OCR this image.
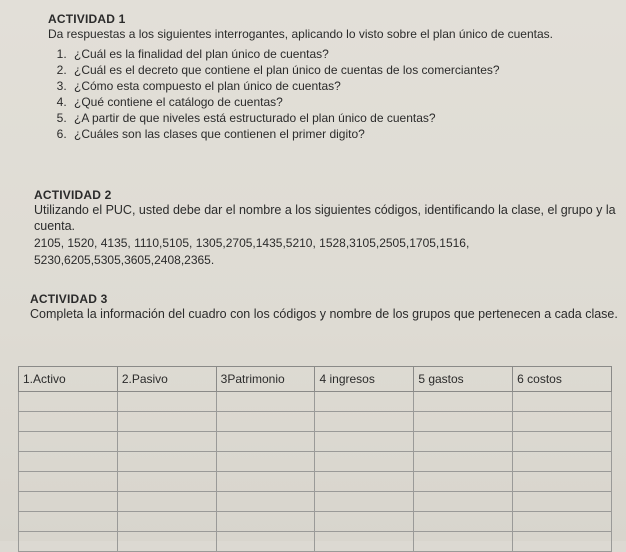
ACTIVIDAD 1
Da respuestas a los siguientes interrogantes, aplicando lo visto sobre el plan único de cuentas.
1. ¿Cuál es la finalidad del plan único de cuentas?
2. ¿Cuál es el decreto que contiene el plan único de cuentas de los comerciantes?
3. ¿Cómo esta compuesto el plan único de cuentas?
4. ¿Qué contiene el catálogo de cuentas?
5. ¿A partir de que niveles está estructurado el plan único de cuentas?
6. ¿Cuáles son las clases que contienen el primer digito?
ACTIVIDAD 2
Utilizando el PUC, usted debe dar el nombre a los siguientes códigos, identificando la clase, el grupo y la cuenta.
2105, 1520, 4135, 1110,5105, 1305,2705,1435,5210, 1528,3105,2505,1705,1516,
5230,6205,5305,3605,2408,2365.
ACTIVIDAD 3
Completa la información del cuadro con los códigos y nombre de los grupos que pertenecen a cada clase.
1.Activo	2.Pasivo	3Patrimonio	4 ingresos	5 gastos	6 costos
